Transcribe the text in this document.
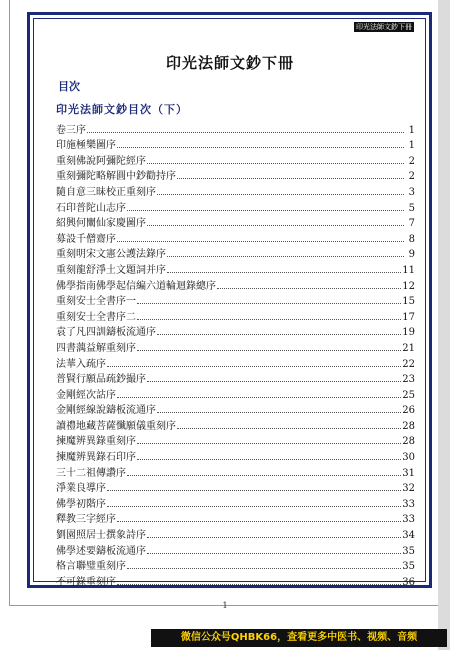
印光法師文鈔下冊
印光法師文鈔下冊
目次
印光法師文鈔目次（下）
卷三序	1
印施極樂圖序	1
重刻佛說阿彌陀經序	2
重刻彌陀略解圓中鈔勸持序	2
隨自意三昧校正重刻序	3
石印普陀山志序	5
紹興何闡仙家慶圖序	7
募設千僧齋序	8
重刻明宋文憲公護法錄序	9
重刻龍舒淨土文題詞并序	11
佛學指南佛學起信編六道輪迴錄總序	12
重刻安士全書序一	15
重刻安士全書序二	17
袁了凡四訓鑄板流通序	19
四書蕅益解重刻序	21
法華入疏序	22
普賢行願品疏鈔撮序	23
金剛經次詁序	25
金剛經線說鑄板流通序	26
讀禮地藏菩薩懺願儀重刻序	28
揀魔辨異錄重刻序	28
揀魔辨異錄石印序	30
三十二祖傳讚序	31
淨業良導序	32
佛學初階序	33
釋教三字經序	33
劉園照居士撰象詩序	34
佛學述要鑄板流通序	35
格言聯璧重刻序	35
不可錄重刻序	36
1
微信公众号QHBK66，查看更多中医书、视频、音频
